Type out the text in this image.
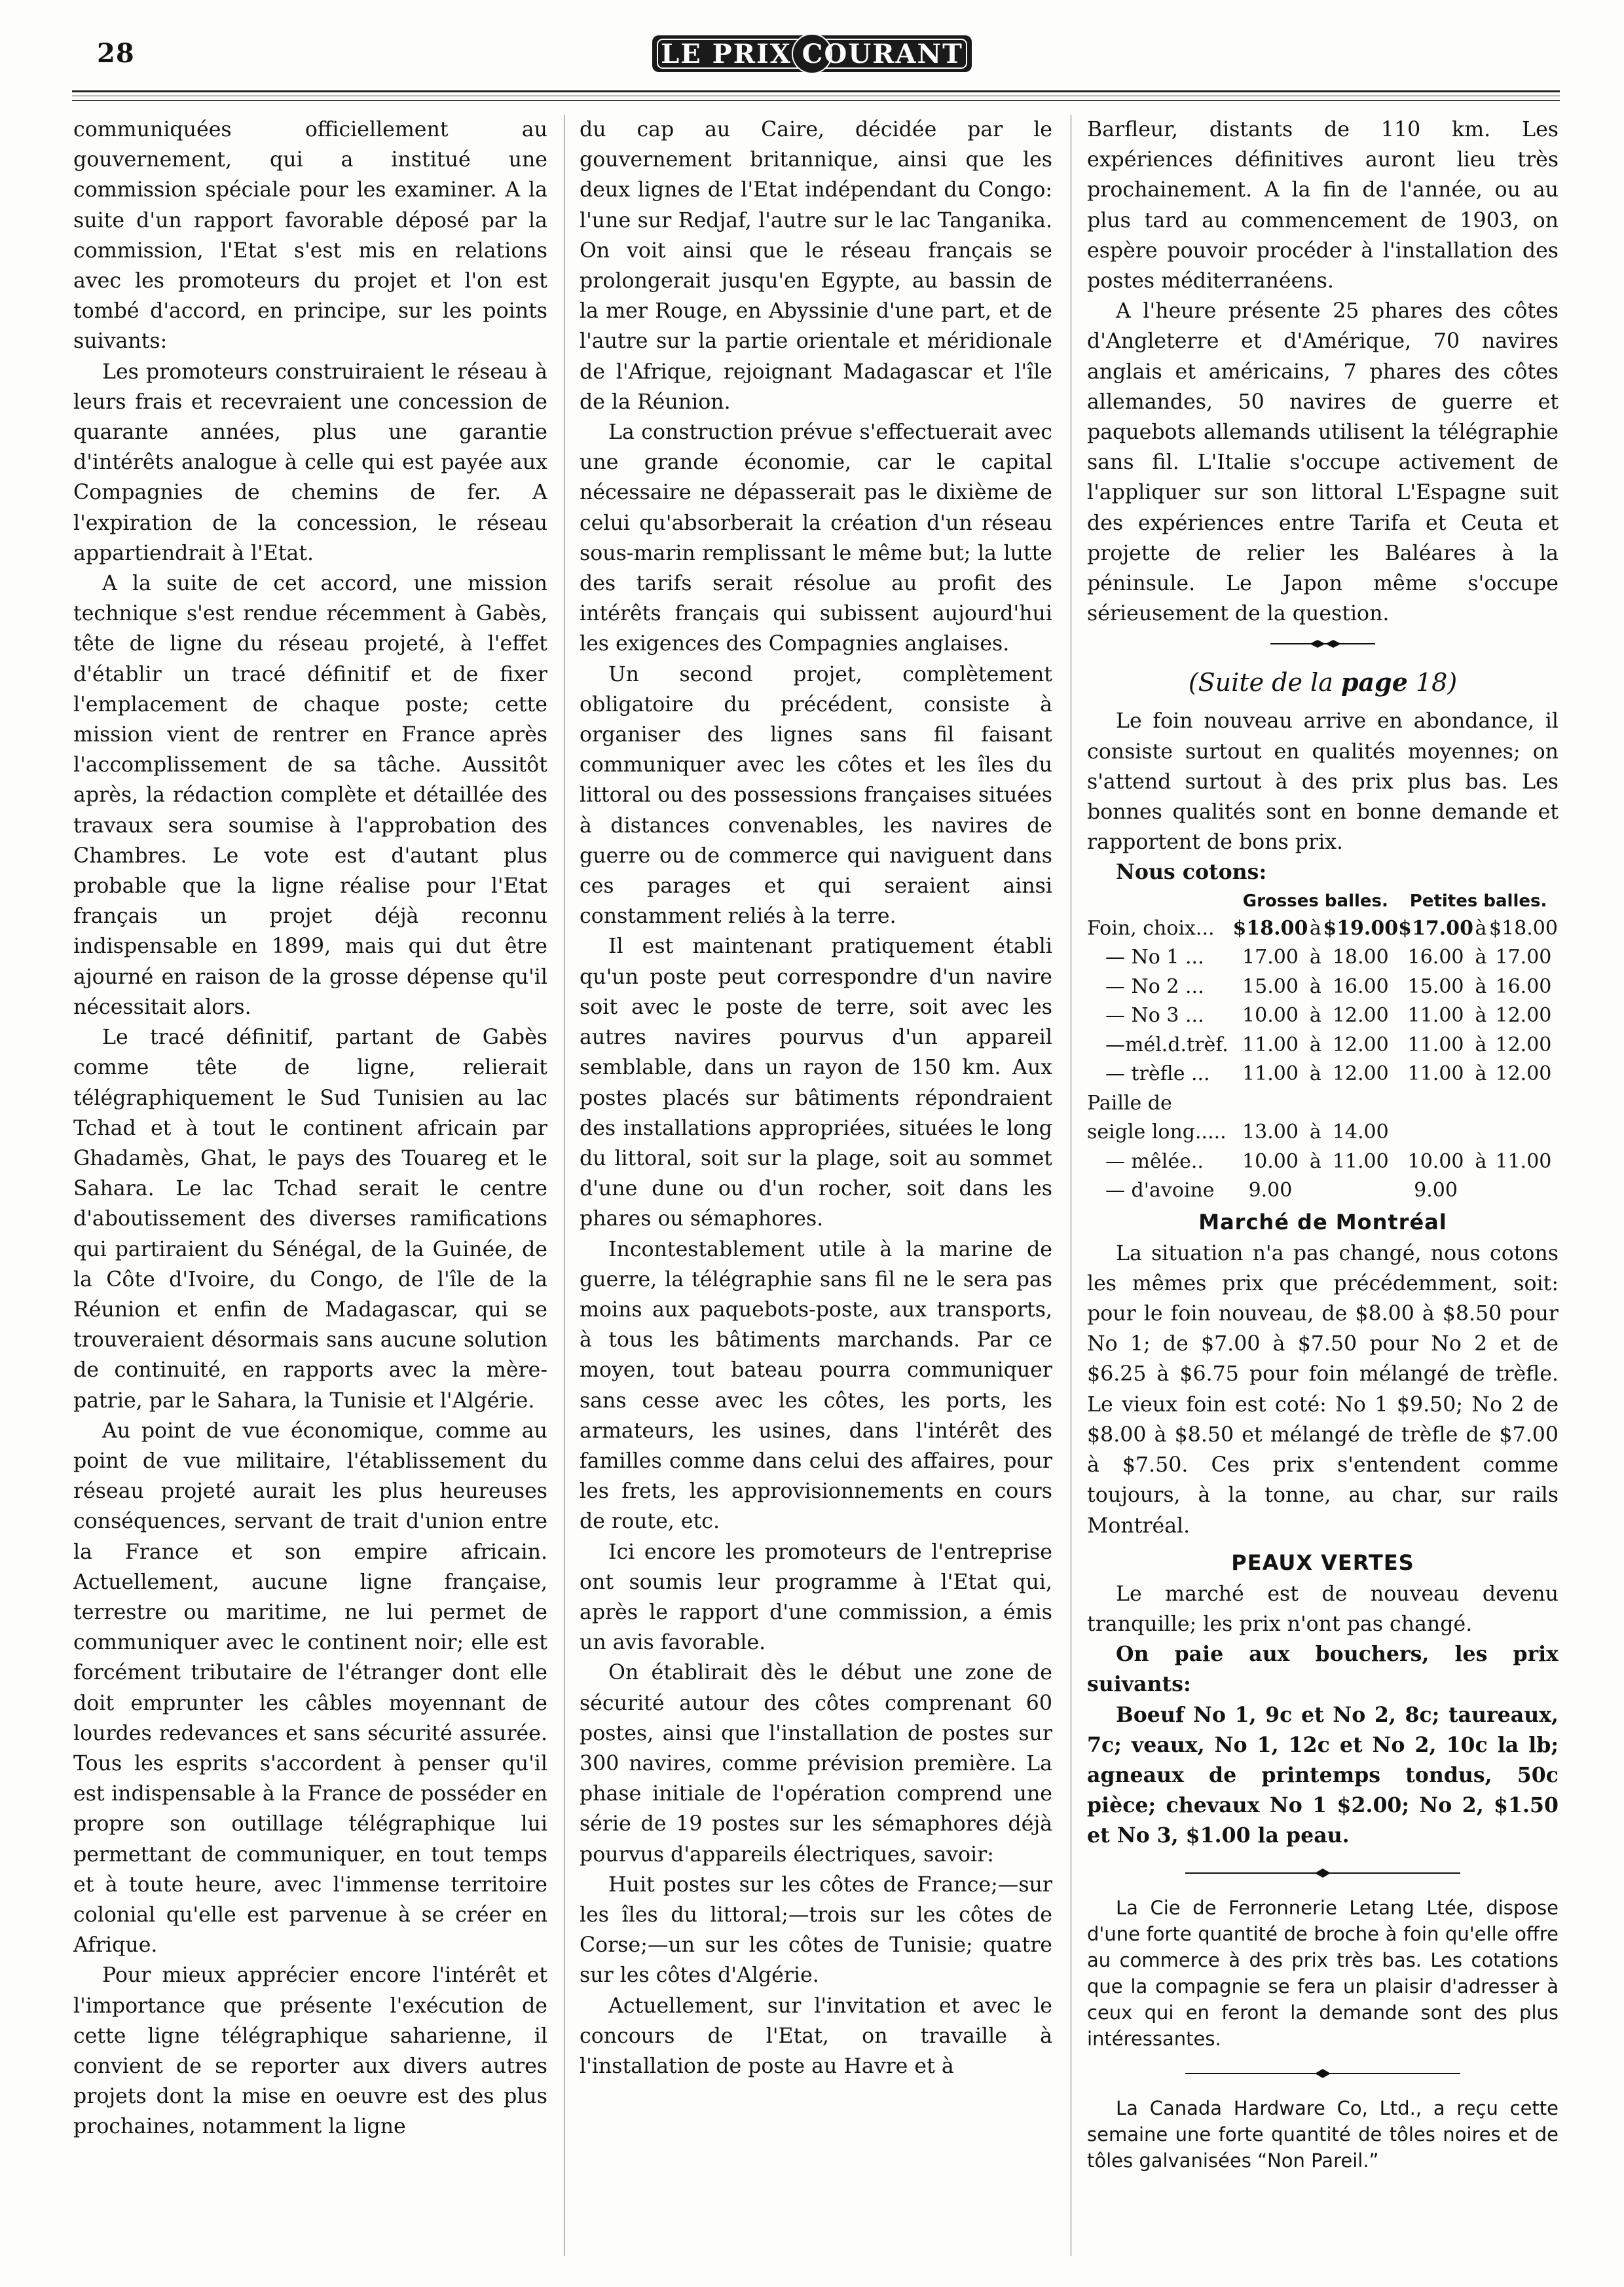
28	LE PRIX COURANT

communiquées officiellement au gouvernement, qui a institué une commission spéciale pour les examiner. A la suite d'un rapport favorable déposé par la commission, l'Etat s'est mis en relations avec les promoteurs du projet et l'on est tombé d'accord, en principe, sur les points suivants:

Les promoteurs construiraient le réseau à leurs frais et recevraient une concession de quarante années, plus une garantie d'intérêts analogue à celle qui est payée aux Compagnies de chemins de fer. A l'expiration de la concession, le réseau appartiendrait à l'Etat.

A la suite de cet accord, une mission technique s'est rendue récemment à Gabès, tête de ligne du réseau projeté, à l'effet d'établir un tracé définitif et de fixer l'emplacement de chaque poste; cette mission vient de rentrer en France après l'accomplissement de sa tâche. Aussitôt après, la rédaction complète et détaillée des travaux sera soumise à l'approbation des Chambres. Le vote est d'autant plus probable que la ligne réalise pour l'Etat français un projet déjà reconnu indispensable en 1899, mais qui dut être ajourné en raison de la grosse dépense qu'il nécessitait alors.

Le tracé définitif, partant de Gabès comme tête de ligne, relierait télégraphiquement le Sud Tunisien au lac Tchad et à tout le continent africain par Ghadamès, Ghat, le pays des Touareg et le Sahara. Le lac Tchad serait le centre d'aboutissement des diverses ramifications qui partiraient du Sénégal, de la Guinée, de la Côte d'Ivoire, du Congo, de l'île de la Réunion et enfin de Madagascar, qui se trouveraient désormais sans aucune solution de continuité, en rapports avec la mère-patrie, par le Sahara, la Tunisie et l'Algérie.

Au point de vue économique, comme au point de vue militaire, l'établissement du réseau projeté aurait les plus heureuses conséquences, servant de trait d'union entre la France et son empire africain. Actuellement, aucune ligne française, terrestre ou maritime, ne lui permet de communiquer avec le continent noir; elle est forcément tributaire de l'étranger dont elle doit emprunter les câbles moyennant de lourdes redevances et sans sécurité assurée. Tous les esprits s'accordent à penser qu'il est indispensable à la France de posséder en propre son outillage télégraphique lui permettant de communiquer, en tout temps et à toute heure, avec l'immense territoire colonial qu'elle est parvenue à se créer en Afrique.

Pour mieux apprécier encore l'intérêt et l'importance que présente l'exécution de cette ligne télégraphique saharienne, il convient de se reporter aux divers autres projets dont la mise en oeuvre est des plus prochaines, notamment la ligne

du cap au Caire, décidée par le gouvernement britannique, ainsi que les deux lignes de l'Etat indépendant du Congo: l'une sur Redjaf, l'autre sur le lac Tanganika. On voit ainsi que le réseau français se prolongerait jusqu'en Egypte, au bassin de la mer Rouge, en Abyssinie d'une part, et de l'autre sur la partie orientale et méridionale de l'Afrique, rejoignant Madagascar et l'île de la Réunion.

La construction prévue s'effectuerait avec une grande économie, car le capital nécessaire ne dépasserait pas le dixième de celui qu'absorberait la création d'un réseau sous-marin remplissant le même but; la lutte des tarifs serait résolue au profit des intérêts français qui subissent aujourd'hui les exigences des Compagnies anglaises.

Un second projet, complètement obligatoire du précédent, consiste à organiser des lignes sans fil faisant communiquer avec les côtes et les îles du littoral ou des possessions françaises situées à distances convenables, les navires de guerre ou de commerce qui naviguent dans ces parages et qui seraient ainsi constamment reliés à la terre.

Il est maintenant pratiquement établi qu'un poste peut correspondre d'un navire soit avec le poste de terre, soit avec les autres navires pourvus d'un appareil semblable, dans un rayon de 150 km. Aux postes placés sur bâtiments répondraient des installations appropriées, situées le long du littoral, soit sur la plage, soit au sommet d'une dune ou d'un rocher, soit dans les phares ou sémaphores.

Incontestablement utile à la marine de guerre, la télégraphie sans fil ne le sera pas moins aux paquebots-poste, aux transports, à tous les bâtiments marchands. Par ce moyen, tout bateau pourra communiquer sans cesse avec les côtes, les ports, les armateurs, les usines, dans l'intérêt des familles comme dans celui des affaires, pour les frets, les approvisionnements en cours de route, etc.

Ici encore les promoteurs de l'entreprise ont soumis leur programme à l'Etat qui, après le rapport d'une commission, a émis un avis favorable.

On établirait dès le début une zone de sécurité autour des côtes comprenant 60 postes, ainsi que l'installation de postes sur 300 navires, comme prévision première. La phase initiale de l'opération comprend une série de 19 postes sur les sémaphores déjà pourvus d'appareils électriques, savoir:

Huit postes sur les côtes de France;—sur les îles du littoral;—trois sur les côtes de Corse;—un sur les côtes de Tunisie; quatre sur les côtes d'Algérie.

Actuellement, sur l'invitation et avec le concours de l'Etat, on travaille à l'installation de poste au Havre et à

Barfleur, distants de 110 km. Les expériences définitives auront lieu très prochainement. A la fin de l'année, ou au plus tard au commencement de 1903, on espère pouvoir procéder à l'installation des postes méditerranéens.

A l'heure présente 25 phares des côtes d'Angleterre et d'Amérique, 70 navires anglais et américains, 7 phares des côtes allemandes, 50 navires de guerre et paquebots allemands utilisent la télégraphie sans fil. L'Italie s'occupe activement de l'appliquer sur son littoral L'Espagne suit des expériences entre Tarifa et Ceuta et projette de relier les Baléares à la péninsule. Le Japon même s'occupe sérieusement de la question.

(Suite de la page 18)

Le foin nouveau arrive en abondance, il consiste surtout en qualités moyennes; on s'attend surtout à des prix plus bas. Les bonnes qualités sont en bonne demande et rapportent de bons prix.

Nous cotons:

	Grosses balles.			Petites balles.		
Foin, choix...	$18.00	à	$19.00	$17.00	à	$18.00
— No 1 ...	17.00	à	18.00	16.00	à	17.00
— No 2 ...	15.00	à	16.00	15.00	à	16.00
— No 3 ...	10.00	à	12.00	11.00	à	12.00
—mél.d.trèf.	11.00	à	12.00	11.00	à	12.00
— trèfle ...	11.00	à	12.00	11.00	à	12.00
Paille de seigle long.....	13.00	à	14.00			
— mêlée..	10.00	à	11.00	10.00	à	11.00
— d'avoine	9.00			9.00		
Marché de Montréal

La situation n'a pas changé, nous cotons les mêmes prix que précédemment, soit: pour le foin nouveau, de $8.00 à $8.50 pour No 1; de $7.00 à $7.50 pour No 2 et de $6.25 à $6.75 pour foin mélangé de trèfle. Le vieux foin est coté: No 1 $9.50; No 2 de $8.00 à $8.50 et mélangé de trèfle de $7.00 à $7.50. Ces prix s'entendent comme toujours, à la tonne, au char, sur rails Montréal.

PEAUX VERTES

Le marché est de nouveau devenu tranquille; les prix n'ont pas changé.

On paie aux bouchers, les prix suivants:

Boeuf No 1, 9c et No 2, 8c; taureaux, 7c; veaux, No 1, 12c et No 2, 10c la lb; agneaux de printemps tondus, 50c pièce; chevaux No 1 $2.00; No 2, $1.50 et No 3, $1.00 la peau.

La Cie de Ferronnerie Letang Ltée, dispose d'une forte quantité de broche à foin qu'elle offre au commerce à des prix très bas. Les cotations que la compagnie se fera un plaisir d'adresser à ceux qui en feront la demande sont des plus intéressantes.

La Canada Hardware Co, Ltd., a reçu cette semaine une forte quantité de tôles noires et de tôles galvanisées “Non Pareil.”
